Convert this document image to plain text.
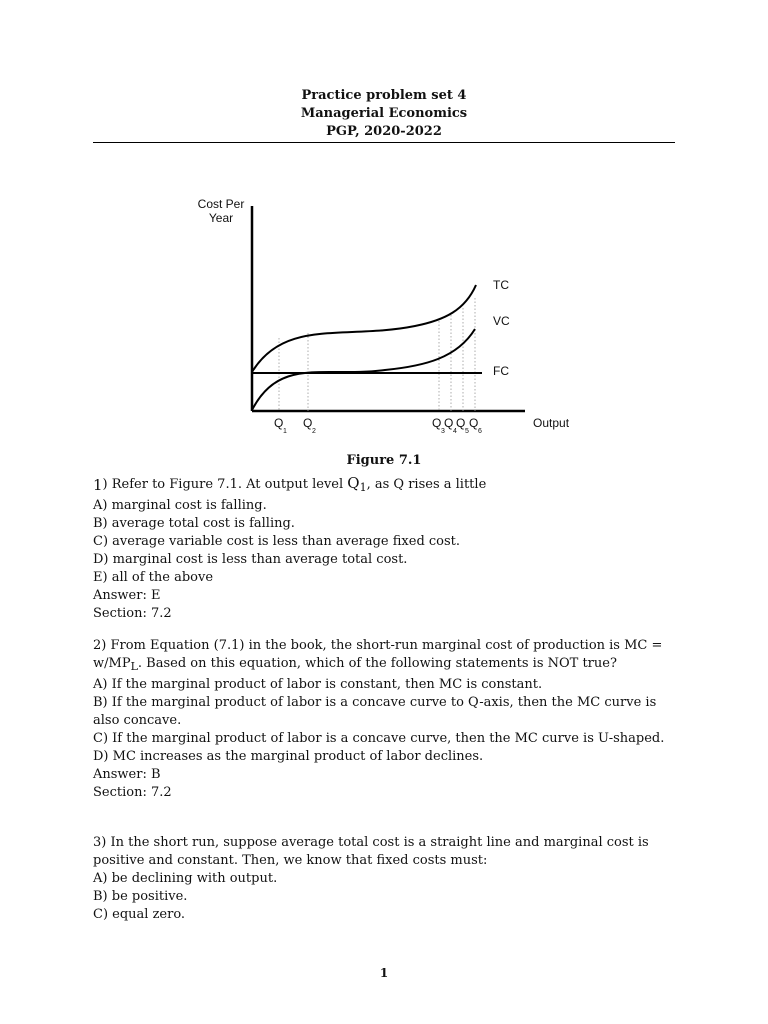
Practice problem set 4
Managerial Economics
PGP, 2020-2022
Cost Per
Year
TC
VC
FC
Q
1
Q
2
Q
3
Q
4
Q
5
Q
6
Output
Figure 7.1
1) Refer to Figure 7.1. At output level $Q_1$, as Q rises a little
A) marginal cost is falling.
B) average total cost is falling.
C) average variable cost is less than average fixed cost.
D) marginal cost is less than average total cost.
E) all of the above
Answer: E
Section: 7.2
2) From Equation (7.1) in the book, the short-run marginal cost of production is MC =
$w/MP_L$. Based on this equation, which of the following statements is NOT true?
A) If the marginal product of labor is constant, then MC is constant.
B) If the marginal product of labor is a concave curve to Q-axis, then the MC curve is also concave.
C) If the marginal product of labor is a concave curve, then the MC curve is U-shaped.
D) MC increases as the marginal product of labor declines.
Answer: B
Section: 7.2
3) In the short run, suppose average total cost is a straight line and marginal cost is positive and constant. Then, we know that fixed costs must:
A) be declining with output.
B) be positive.
C) equal zero.
1
